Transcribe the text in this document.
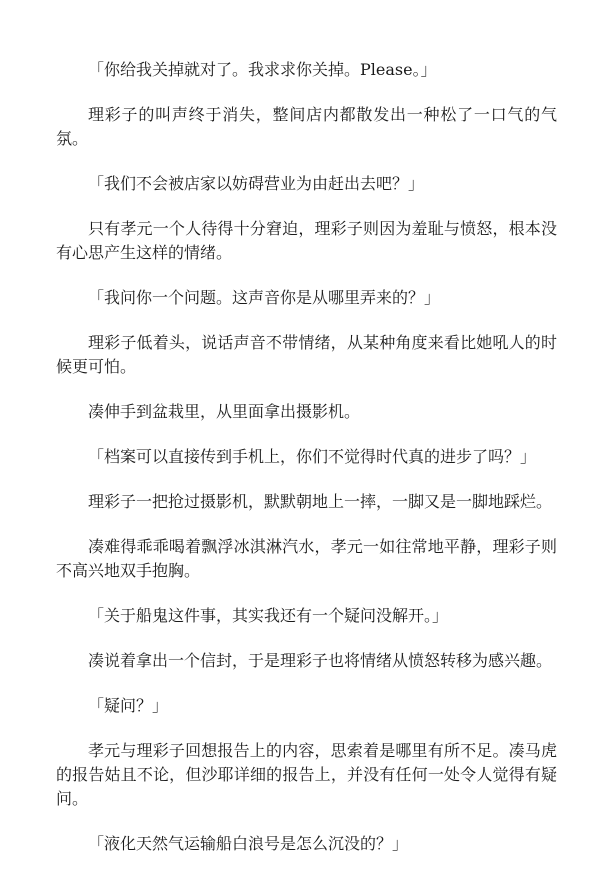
「你给我关掉就对了。我求求你关掉。Please。」

理彩子的叫声终于消失，整间店内都散发出一种松了一口气的气氛。

「我们不会被店家以妨碍营业为由赶出去吧？」

只有孝元一个人待得十分窘迫，理彩子则因为羞耻与愤怒，根本没有心思产生这样的情绪。

「我问你一个问题。这声音你是从哪里弄来的？」

理彩子低着头，说话声音不带情绪，从某种角度来看比她吼人的时候更可怕。

凑伸手到盆栽里，从里面拿出摄影机。

「档案可以直接传到手机上，你们不觉得时代真的进步了吗？」

理彩子一把抢过摄影机，默默朝地上一摔，一脚又是一脚地踩烂。

凑难得乖乖喝着飘浮冰淇淋汽水，孝元一如往常地平静，理彩子则不高兴地双手抱胸。

「关于船鬼这件事，其实我还有一个疑问没解开。」

凑说着拿出一个信封，于是理彩子也将情绪从愤怒转移为感兴趣。

「疑问？」

孝元与理彩子回想报告上的内容，思索着是哪里有所不足。凑马虎的报告姑且不论，但沙耶详细的报告上，并没有任何一处令人觉得有疑问。

「液化天然气运输船白浪号是怎么沉没的？」
